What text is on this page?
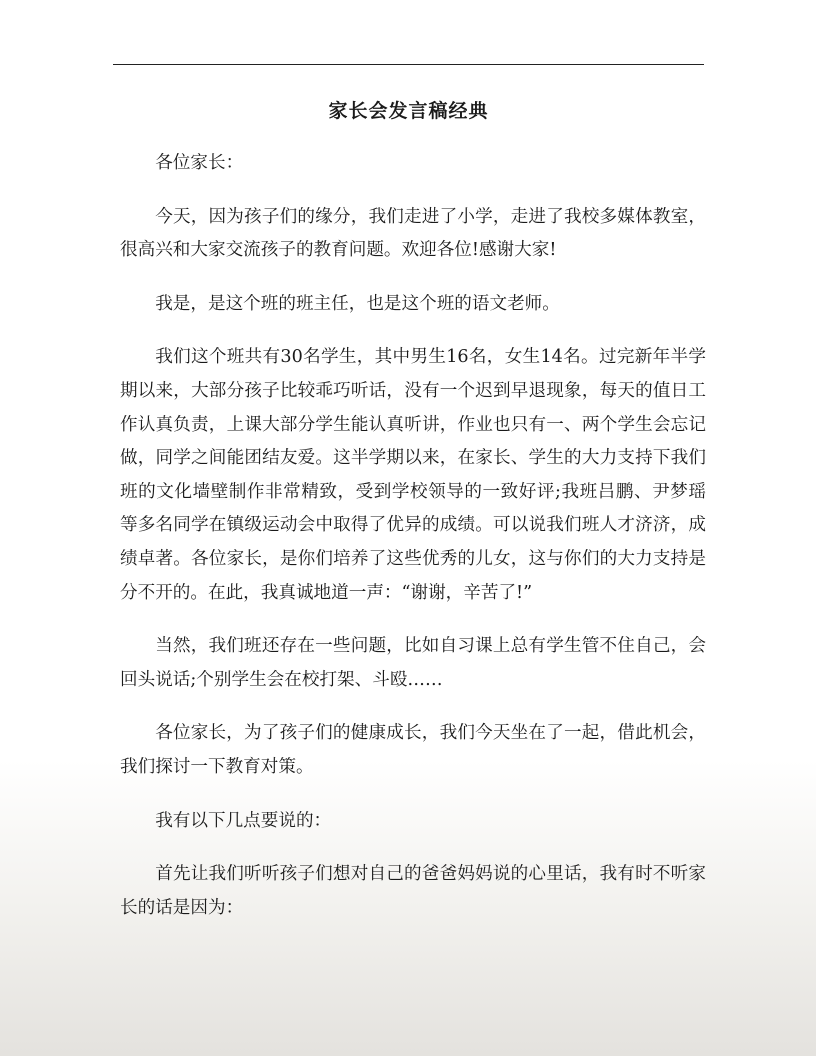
家长会发言稿经典

各位家长：

今天，因为孩子们的缘分，我们走进了小学，走进了我校多媒体教室，很高兴和大家交流孩子的教育问题。欢迎各位!感谢大家!

我是，是这个班的班主任，也是这个班的语文老师。

我们这个班共有30名学生，其中男生16名，女生14名。过完新年半学期以来，大部分孩子比较乖巧听话，没有一个迟到早退现象，每天的值日工作认真负责，上课大部分学生能认真听讲，作业也只有一、两个学生会忘记做，同学之间能团结友爱。这半学期以来，在家长、学生的大力支持下我们班的文化墙壁制作非常精致，受到学校领导的一致好评;我班吕鹏、尹梦瑶等多名同学在镇级运动会中取得了优异的成绩。可以说我们班人才济济，成绩卓著。各位家长，是你们培养了这些优秀的儿女，这与你们的大力支持是分不开的。在此，我真诚地道一声：“谢谢，辛苦了!”

当然，我们班还存在一些问题，比如自习课上总有学生管不住自己，会回头说话;个别学生会在校打架、斗殴……

各位家长，为了孩子们的健康成长，我们今天坐在了一起，借此机会，我们探讨一下教育对策。

我有以下几点要说的：

首先让我们听听孩子们想对自己的爸爸妈妈说的心里话，我有时不听家长的话是因为：
